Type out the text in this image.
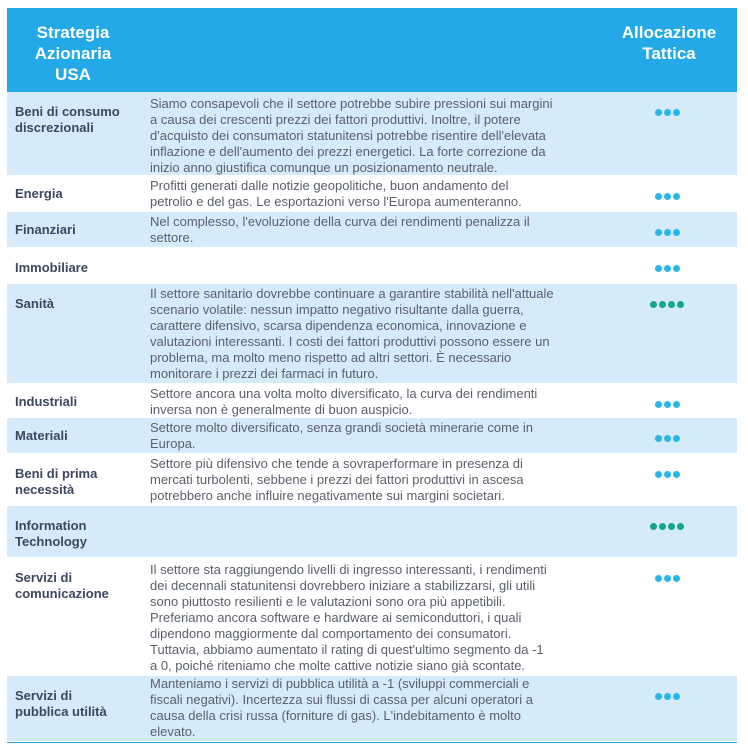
Strategia
Azionaria
USA
Allocazione
Tattica
Beni di consumo
discrezionali
Siamo consapevoli che il settore potrebbe subire pressioni sui margini
a causa dei crescenti prezzi dei fattori produttivi. Inoltre, il potere
d'acquisto dei consumatori statunitensi potrebbe risentire dell'elevata
inflazione e dell'aumento dei prezzi energetici. La forte correzione da
inizio anno giustifica comunque un posizionamento neutrale.
Energia
Profitti generati dalle notizie geopolitiche, buon andamento del
petrolio e del gas. Le esportazioni verso l'Europa aumenteranno.
Finanziari
Nel complesso, l'evoluzione della curva dei rendimenti penalizza il
settore.
Immobiliare
Sanità
Il settore sanitario dovrebbe continuare a garantire stabilità nell'attuale
scenario volatile: nessun impatto negativo risultante dalla guerra,
carattere difensivo, scarsa dipendenza economica, innovazione e
valutazioni interessanti. I costi dei fattori produttivi possono essere un
problema, ma molto meno rispetto ad altri settori. È necessario
monitorare i prezzi dei farmaci in futuro.
Industriali
Settore ancora una volta molto diversificato, la curva dei rendimenti
inversa non è generalmente di buon auspicio.
Materiali
Settore molto diversificato, senza grandi società minerarie come in
Europa.
Beni di prima
necessità
Settore più difensivo che tende a sovraperformare in presenza di
mercati turbolenti, sebbene i prezzi dei fattori produttivi in ascesa
potrebbero anche influire negativamente sui margini societari.
Information
Technology
Servizi di
comunicazione
Il settore sta raggiungendo livelli di ingresso interessanti, i rendimenti
dei decennali statunitensi dovrebbero iniziare a stabilizzarsi, gli utili
sono piuttosto resilienti e le valutazioni sono ora più appetibili.
Preferiamo ancora software e hardware ai semiconduttori, i quali
dipendono maggiormente dal comportamento dei consumatori.
Tuttavia, abbiamo aumentato il rating di quest'ultimo segmento da -1
a 0, poiché riteniamo che molte cattive notizie siano già scontate.
Servizi di
pubblica utilità
Manteniamo i servizi di pubblica utilità a -1 (sviluppi commerciali e
fiscali negativi). Incertezza sui flussi di cassa per alcuni operatori a
causa della crisi russa (forniture di gas). L'indebitamento è molto
elevato.
